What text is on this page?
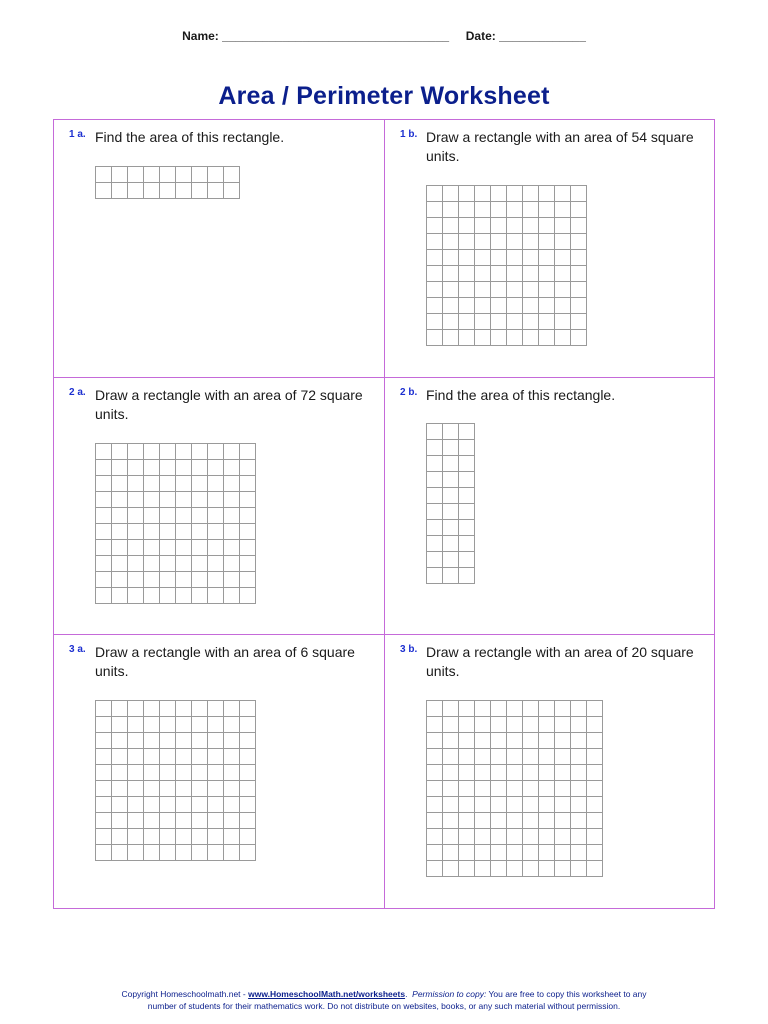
Name: __________________________________ Date: _____________
Area / Perimeter Worksheet
1 a. Find the area of this rectangle.	1 b. Draw a rectangle with an area of 54 square units.
2 a. Draw a rectangle with an area of 72 square units.
2 b. Find the area of this rectangle.
3 a. Draw a rectangle with an area of 6 square units.
3 b. Draw a rectangle with an area of 20 square units.
Copyright Homeschoolmath.net - www.HomeschoolMath.net/worksheets.  Permission to copy: You are free to copy this worksheet to any
number of students for their mathematics work. Do not distribute on websites, books, or any such material without permission.
